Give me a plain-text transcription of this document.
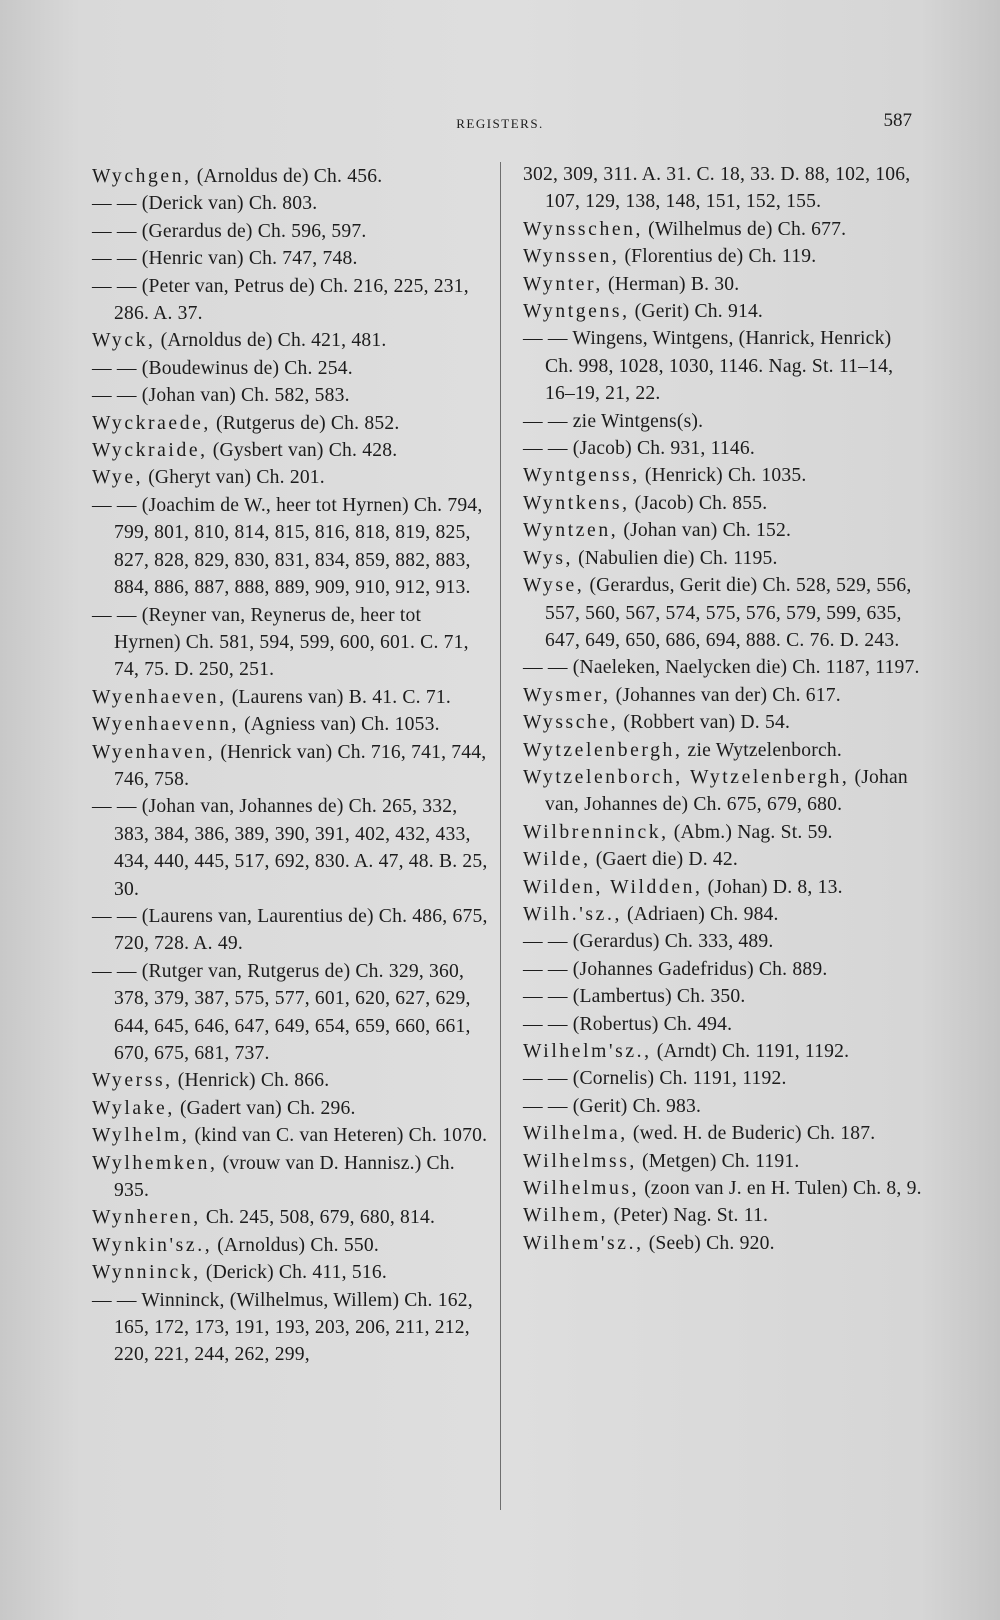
REGISTERS.	587

Wychgen, (Arnoldus de) Ch. 456.

— — (Derick van) Ch. 803.

— — (Gerardus de) Ch. 596, 597.

— — (Henric van) Ch. 747, 748.

— — (Peter van, Petrus de) Ch. 216, 225, 231, 286. A. 37.

Wyck, (Arnoldus de) Ch. 421, 481.

— — (Boudewinus de) Ch. 254.

— — (Johan van) Ch. 582, 583.

Wyckraede, (Rutgerus de) Ch. 852.

Wyckraide, (Gysbert van) Ch. 428.

Wye, (Gheryt van) Ch. 201.

— — (Joachim de W., heer tot Hyrnen) Ch. 794, 799, 801, 810, 814, 815, 816, 818, 819, 825, 827, 828, 829, 830, 831, 834, 859, 882, 883, 884, 886, 887, 888, 889, 909, 910, 912, 913.

— — (Reyner van, Reynerus de, heer tot Hyrnen) Ch. 581, 594, 599, 600, 601. C. 71, 74, 75. D. 250, 251.

Wyenhaeven, (Laurens van) B. 41. C. 71.

Wyenhaevenn, (Agniess van) Ch. 1053.

Wyenhaven, (Henrick van) Ch. 716, 741, 744, 746, 758.

— — (Johan van, Johannes de) Ch. 265, 332, 383, 384, 386, 389, 390, 391, 402, 432, 433, 434, 440, 445, 517, 692, 830. A. 47, 48. B. 25, 30.

— — (Laurens van, Laurentius de) Ch. 486, 675, 720, 728. A. 49.

— — (Rutger van, Rutgerus de) Ch. 329, 360, 378, 379, 387, 575, 577, 601, 620, 627, 629, 644, 645, 646, 647, 649, 654, 659, 660, 661, 670, 675, 681, 737.

Wyerss, (Henrick) Ch. 866.

Wylake, (Gadert van) Ch. 296.

Wylhelm, (kind van C. van Heteren) Ch. 1070.

Wylhemken, (vrouw van D. Hannisz.) Ch. 935.

Wynheren, Ch. 245, 508, 679, 680, 814.

Wynkin'sz., (Arnoldus) Ch. 550.

Wynninck, (Derick) Ch. 411, 516.

— — Winninck, (Wilhelmus, Willem) Ch. 162, 165, 172, 173, 191, 193, 203, 206, 211, 212, 220, 221, 244, 262, 299,

302, 309, 311. A. 31. C. 18, 33. D. 88, 102, 106, 107, 129, 138, 148, 151, 152, 155.

Wynsschen, (Wilhelmus de) Ch. 677.

Wynssen, (Florentius de) Ch. 119.

Wynter, (Herman) B. 30.

Wyntgens, (Gerit) Ch. 914.

— — Wingens, Wintgens, (Hanrick, Henrick) Ch. 998, 1028, 1030, 1146. Nag. St. 11–14, 16–19, 21, 22.

— — zie Wintgens(s).

— — (Jacob) Ch. 931, 1146.

Wyntgenss, (Henrick) Ch. 1035.

Wyntkens, (Jacob) Ch. 855.

Wyntzen, (Johan van) Ch. 152.

Wys, (Nabulien die) Ch. 1195.

Wyse, (Gerardus, Gerit die) Ch. 528, 529, 556, 557, 560, 567, 574, 575, 576, 579, 599, 635, 647, 649, 650, 686, 694, 888. C. 76. D. 243.

— — (Naeleken, Naelycken die) Ch. 1187, 1197.

Wysmer, (Johannes van der) Ch. 617.

Wyssche, (Robbert van) D. 54.

Wytzelenbergh, zie Wytzelenborch.

Wytzelenborch, Wytzelenbergh, (Johan van, Johannes de) Ch. 675, 679, 680.

Wilbrenninck, (Abm.) Nag. St. 59.

Wilde, (Gaert die) D. 42.

Wilden, Wildden, (Johan) D. 8, 13.

Wilh.'sz., (Adriaen) Ch. 984.

— — (Gerardus) Ch. 333, 489.

— — (Johannes Gadefridus) Ch. 889.

— — (Lambertus) Ch. 350.

— — (Robertus) Ch. 494.

Wilhelm'sz., (Arndt) Ch. 1191, 1192.

— — (Cornelis) Ch. 1191, 1192.

— — (Gerit) Ch. 983.

Wilhelma, (wed. H. de Buderic) Ch. 187.

Wilhelmss, (Metgen) Ch. 1191.

Wilhelmus, (zoon van J. en H. Tulen) Ch. 8, 9.

Wilhem, (Peter) Nag. St. 11.

Wilhem'sz., (Seeb) Ch. 920.
